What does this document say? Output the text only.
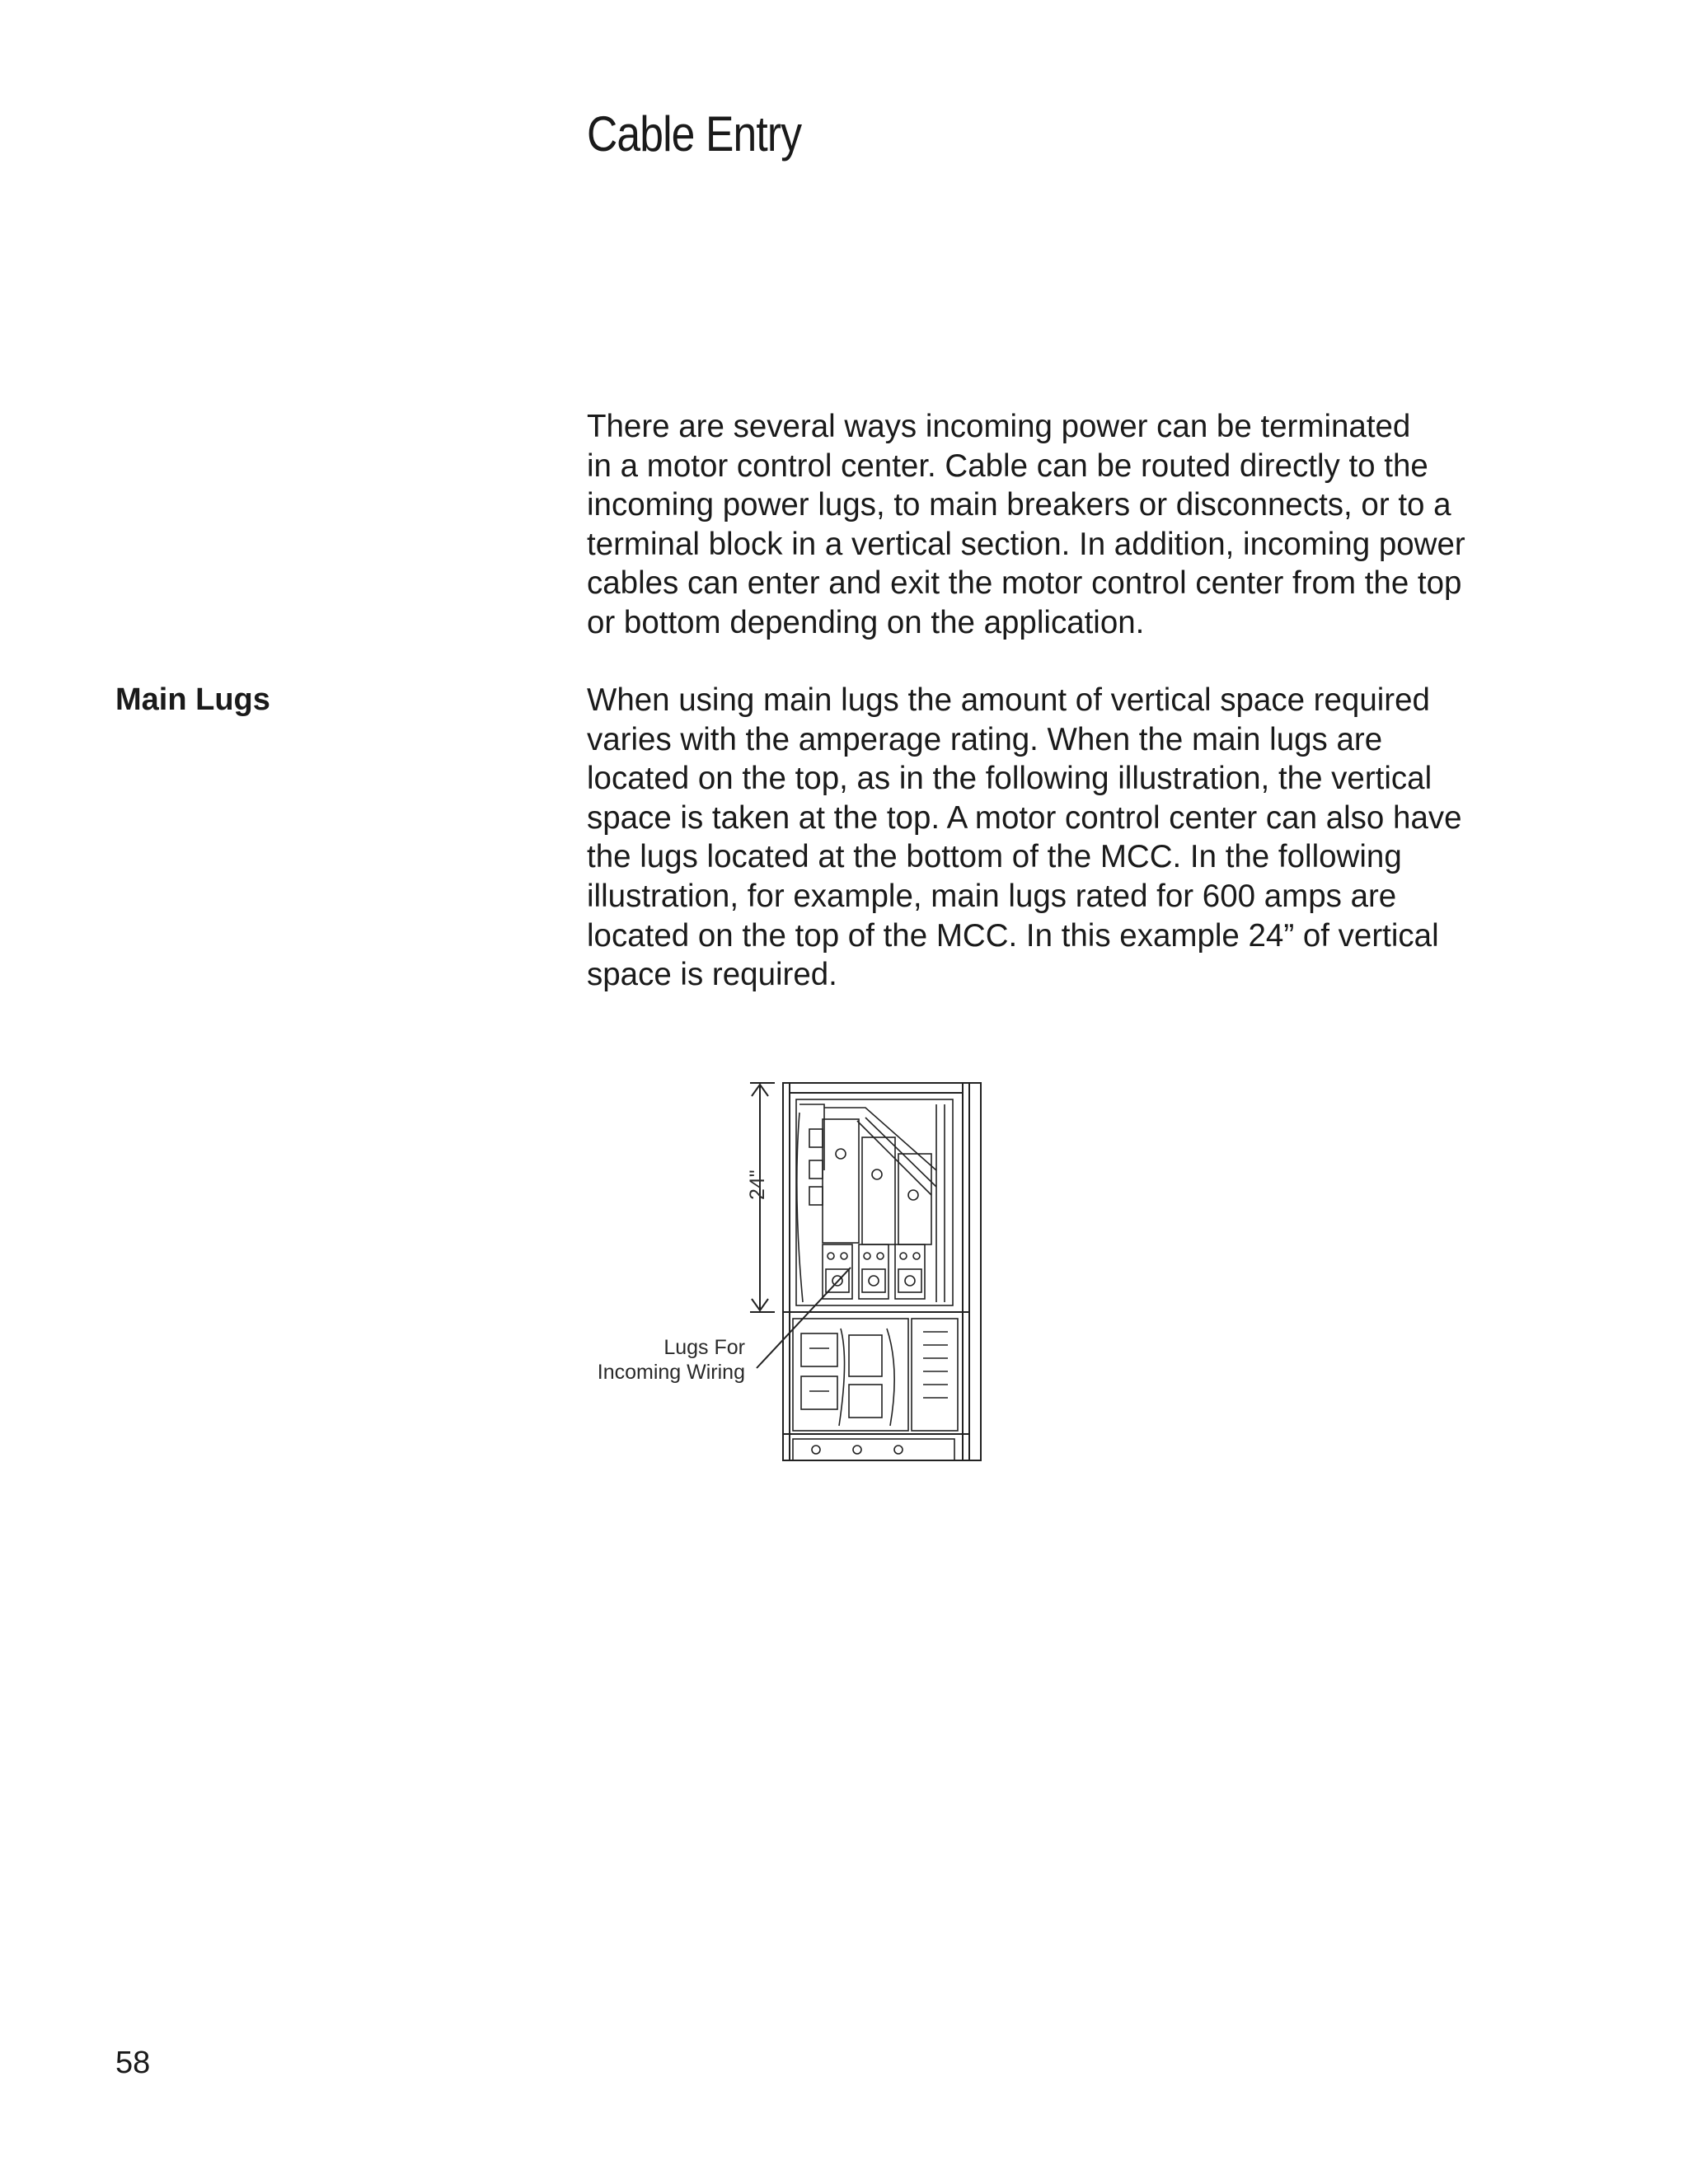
Cable Entry

There are several ways incoming power can be terminated
in a motor control center. Cable can be routed directly to the
incoming power lugs, to main breakers or disconnects, or to a
terminal block in a vertical section. In addition, incoming power
cables can enter and exit the motor control center from the top
or bottom depending on the application.

Main Lugs	When using main lugs the amount of vertical space required
varies with the amperage rating. When the main lugs are
located on the top, as in the following illustration, the vertical
space is taken at the top. A motor control center can also have
the lugs located at the bottom of the MCC. In the following
illustration, for example, main lugs rated for 600 amps are
located on the top of the MCC. In this example 24” of vertical
space is required.

24"
Lugs For
Incoming Wiring
58
